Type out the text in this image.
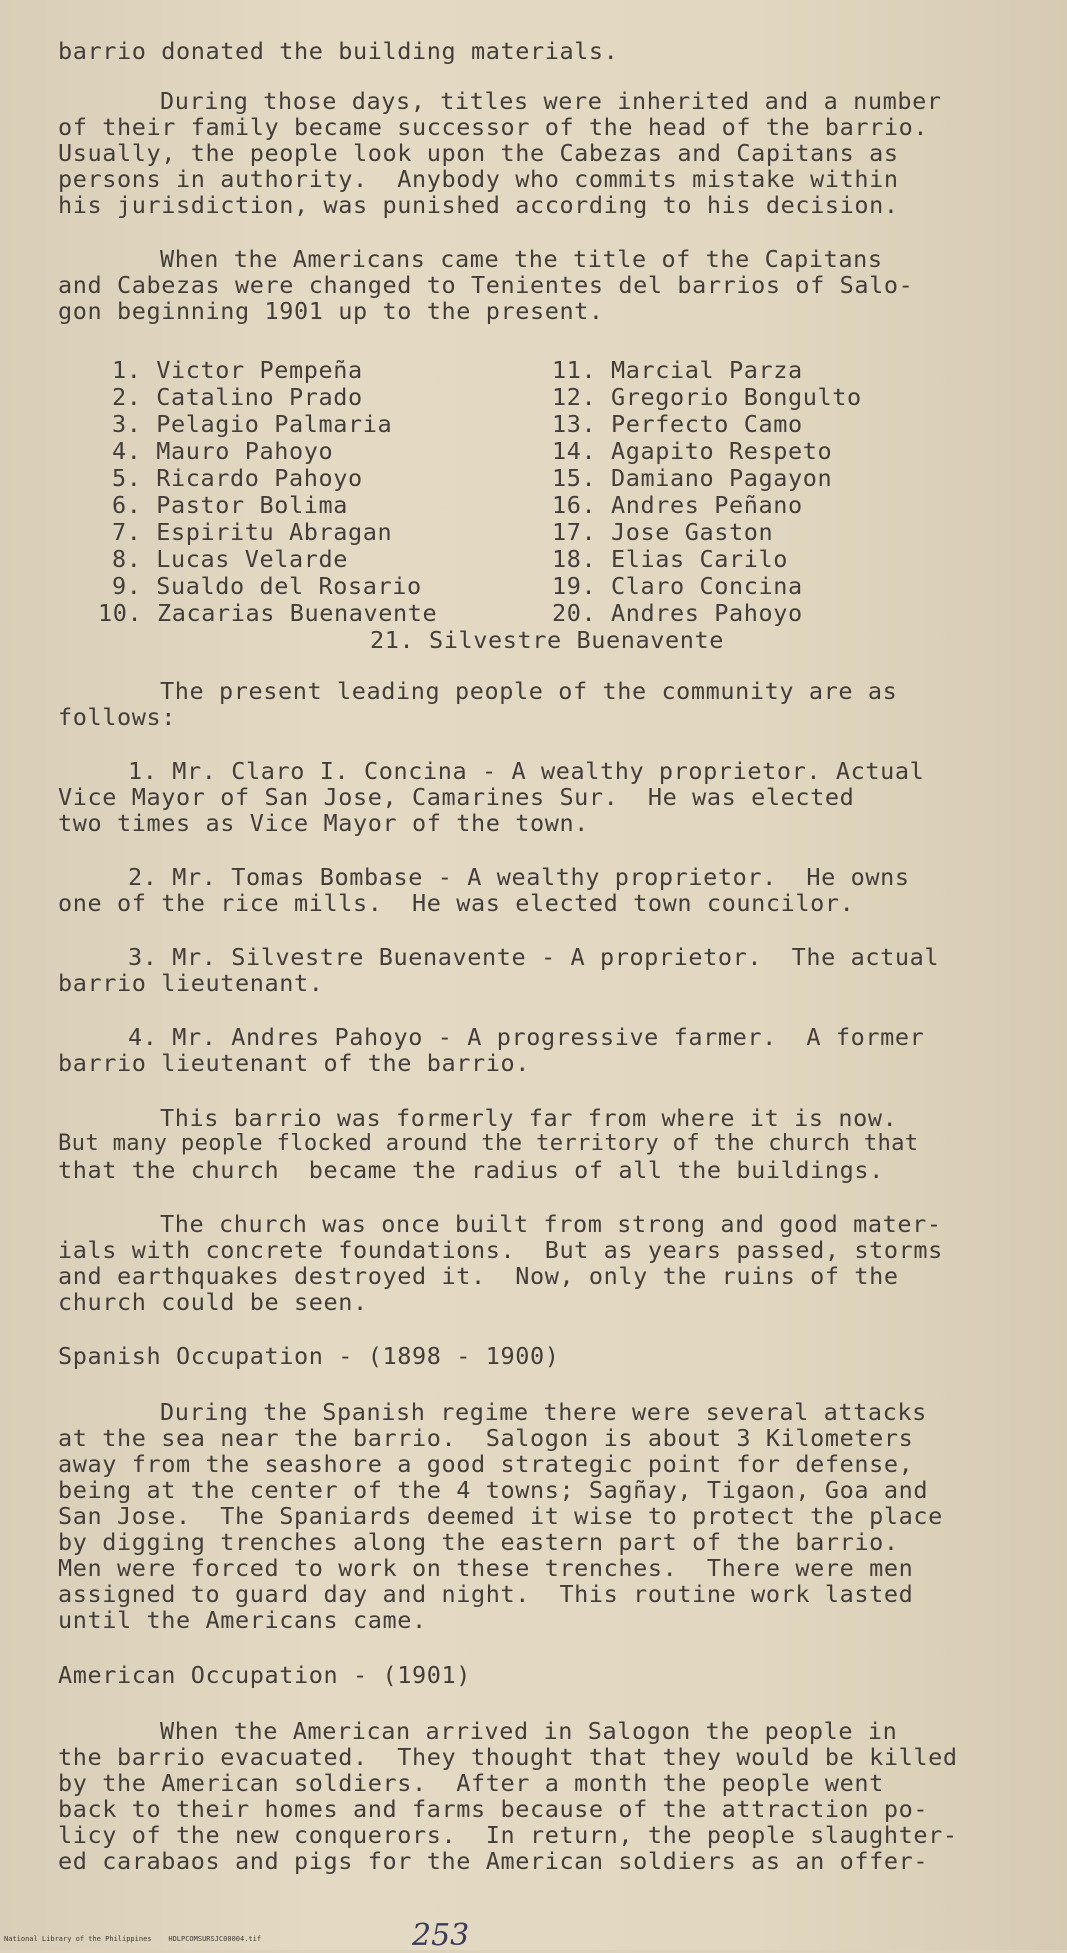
barrio donated the building materials.
During those days, titles were inherited and a number
of their family became successor of the head of the barrio.
Usually, the people look upon the Cabezas and Capitans as
persons in authority.  Anybody who commits mistake within
his jurisdiction, was punished according to his decision.
When the Americans came the title of the Capitans
and Cabezas were changed to Tenientes del barrios of Salo-
gon beginning 1901 up to the present.
1. Victor Pempeña
2. Catalino Prado
3. Pelagio Palmaria
4. Mauro Pahoyo
5. Ricardo Pahoyo
6. Pastor Bolima
7. Espiritu Abragan
8. Lucas Velarde
9. Sualdo del Rosario
10. Zacarias Buenavente
11. Marcial Parza
12. Gregorio Bongulto
13. Perfecto Camo
14. Agapito Respeto
15. Damiano Pagayon
16. Andres Peñano
17. Jose Gaston
18. Elias Carilo
19. Claro Concina
20. Andres Pahoyo
21. Silvestre Buenavente
The present leading people of the community are as
follows:
1. Mr. Claro I. Concina - A wealthy proprietor. Actual
Vice Mayor of San Jose, Camarines Sur.  He was elected
two times as Vice Mayor of the town.
2. Mr. Tomas Bombase - A wealthy proprietor.  He owns
one of the rice mills.  He was elected town councilor.
3. Mr. Silvestre Buenavente - A proprietor.  The actual
barrio lieutenant.
4. Mr. Andres Pahoyo - A progressive farmer.  A former
barrio lieutenant of the barrio.
This barrio was formerly far from where it is now.
But many people flocked around the territory of the church that
that the church  became the radius of all the buildings.
The church was once built from strong and good mater-
ials with concrete foundations.  But as years passed, storms
and earthquakes destroyed it.  Now, only the ruins of the
church could be seen.
Spanish Occupation - (1898 - 1900)
During the Spanish regime there were several attacks
at the sea near the barrio.  Salogon is about 3 Kilometers
away from the seashore a good strategic point for defense,
being at the center of the 4 towns; Sagñay, Tigaon, Goa and
San Jose.  The Spaniards deemed it wise to protect the place
by digging trenches along the eastern part of the barrio.
Men were forced to work on these trenches.  There were men
assigned to guard day and night.  This routine work lasted
until the Americans came.
American Occupation - (1901)
When the American arrived in Salogon the people in
the barrio evacuated.  They thought that they would be killed
by the American soldiers.  After a month the people went
back to their homes and farms because of the attraction po-
licy of the new conquerors.  In return, the people slaughter-
ed carabaos and pigs for the American soldiers as an offer-
National Library of the Philippines    HDLPCOMSURSJC00004.tif	253
